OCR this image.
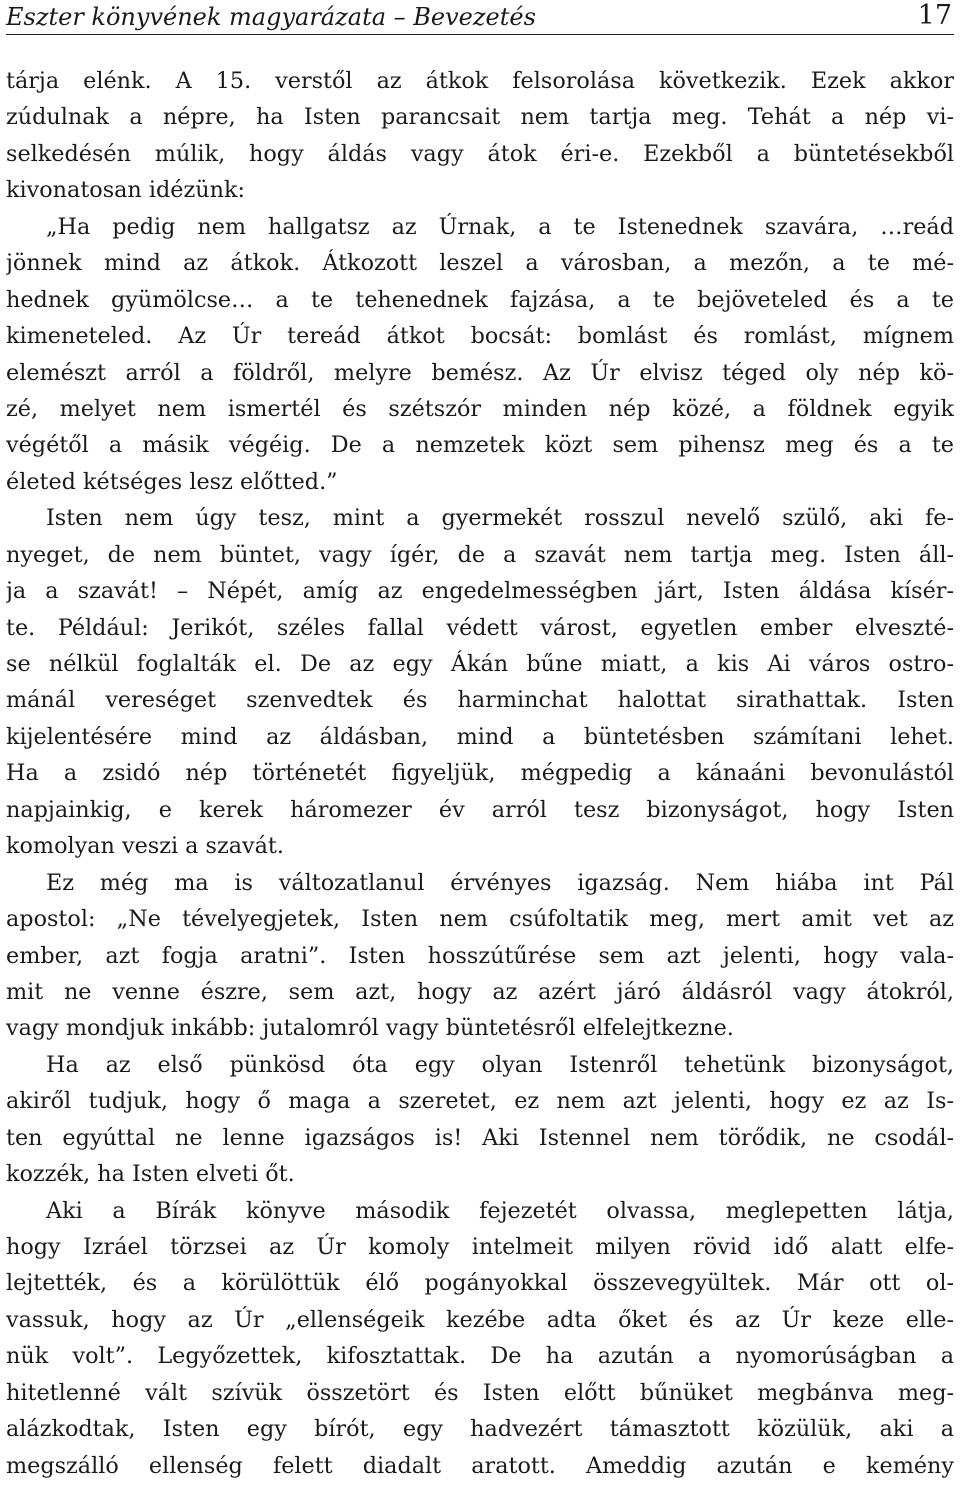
Eszter könyvének magyarázata – Bevezetés	17
tárja elénk. A 15. verstől az átkok felsorolása következik. Ezek akkor
zúdulnak a népre, ha Isten parancsait nem tartja meg. Tehát a nép vi-
selkedésén múlik, hogy áldás vagy átok éri-e. Ezekből a büntetésekből
kivonatosan idézünk:
„Ha pedig nem hallgatsz az Úrnak, a te Istenednek szavára, …reád
jönnek mind az átkok. Átkozott leszel a városban, a mezőn, a te mé-
hednek gyümölcse… a te tehenednek fajzása, a te bejöveteled és a te
kimeneteled. Az Úr tereád átkot bocsát: bomlást és romlást, mígnem
elemészt arról a földről, melyre bemész. Az Úr elvisz téged oly nép kö-
zé, melyet nem ismertél és szétszór minden nép közé, a földnek egyik
végétől a másik végéig. De a nemzetek közt sem pihensz meg és a te
életed kétséges lesz előtted.”
Isten nem úgy tesz, mint a gyermekét rosszul nevelő szülő, aki fe-
nyeget, de nem büntet, vagy ígér, de a szavát nem tartja meg. Isten áll-
ja a szavát! – Népét, amíg az engedelmességben járt, Isten áldása kísér-
te. Például: Jerikót, széles fallal védett várost, egyetlen ember elveszté-
se nélkül foglalták el. De az egy Ákán bűne miatt, a kis Ai város ostro-
mánál vereséget szenvedtek és harminchat halottat sirathattak. Isten
kijelentésére mind az áldásban, mind a büntetésben számítani lehet.
Ha a zsidó nép történetét figyeljük, mégpedig a kánaáni bevonulástól
napjainkig, e kerek háromezer év arról tesz bizonyságot, hogy Isten
komolyan veszi a szavát.
Ez még ma is változatlanul érvényes igazság. Nem hiába int Pál
apostol: „Ne tévelyegjetek, Isten nem csúfoltatik meg, mert amit vet az
ember, azt fogja aratni”. Isten hosszútűrése sem azt jelenti, hogy vala-
mit ne venne észre, sem azt, hogy az azért járó áldásról vagy átokról,
vagy mondjuk inkább: jutalomról vagy büntetésről elfelejtkezne.
Ha az első pünkösd óta egy olyan Istenről tehetünk bizonyságot,
akiről tudjuk, hogy ő maga a szeretet, ez nem azt jelenti, hogy ez az Is-
ten egyúttal ne lenne igazságos is! Aki Istennel nem törődik, ne csodál-
kozzék, ha Isten elveti őt.
Aki a Bírák könyve második fejezetét olvassa, meglepetten látja,
hogy Izráel törzsei az Úr komoly intelmeit milyen rövid idő alatt elfe-
lejtették, és a körülöttük élő pogányokkal összevegyültek. Már ott ol-
vassuk, hogy az Úr „ellenségeik kezébe adta őket és az Úr keze elle-
nük volt”. Legyőzettek, kifosztattak. De ha azután a nyomorúságban a
hitetlenné vált szívük összetört és Isten előtt bűnüket megbánva meg-
alázkodtak, Isten egy bírót, egy hadvezért támasztott közülük, aki a
megszálló ellenség felett diadalt aratott. Ameddig azután e kemény
